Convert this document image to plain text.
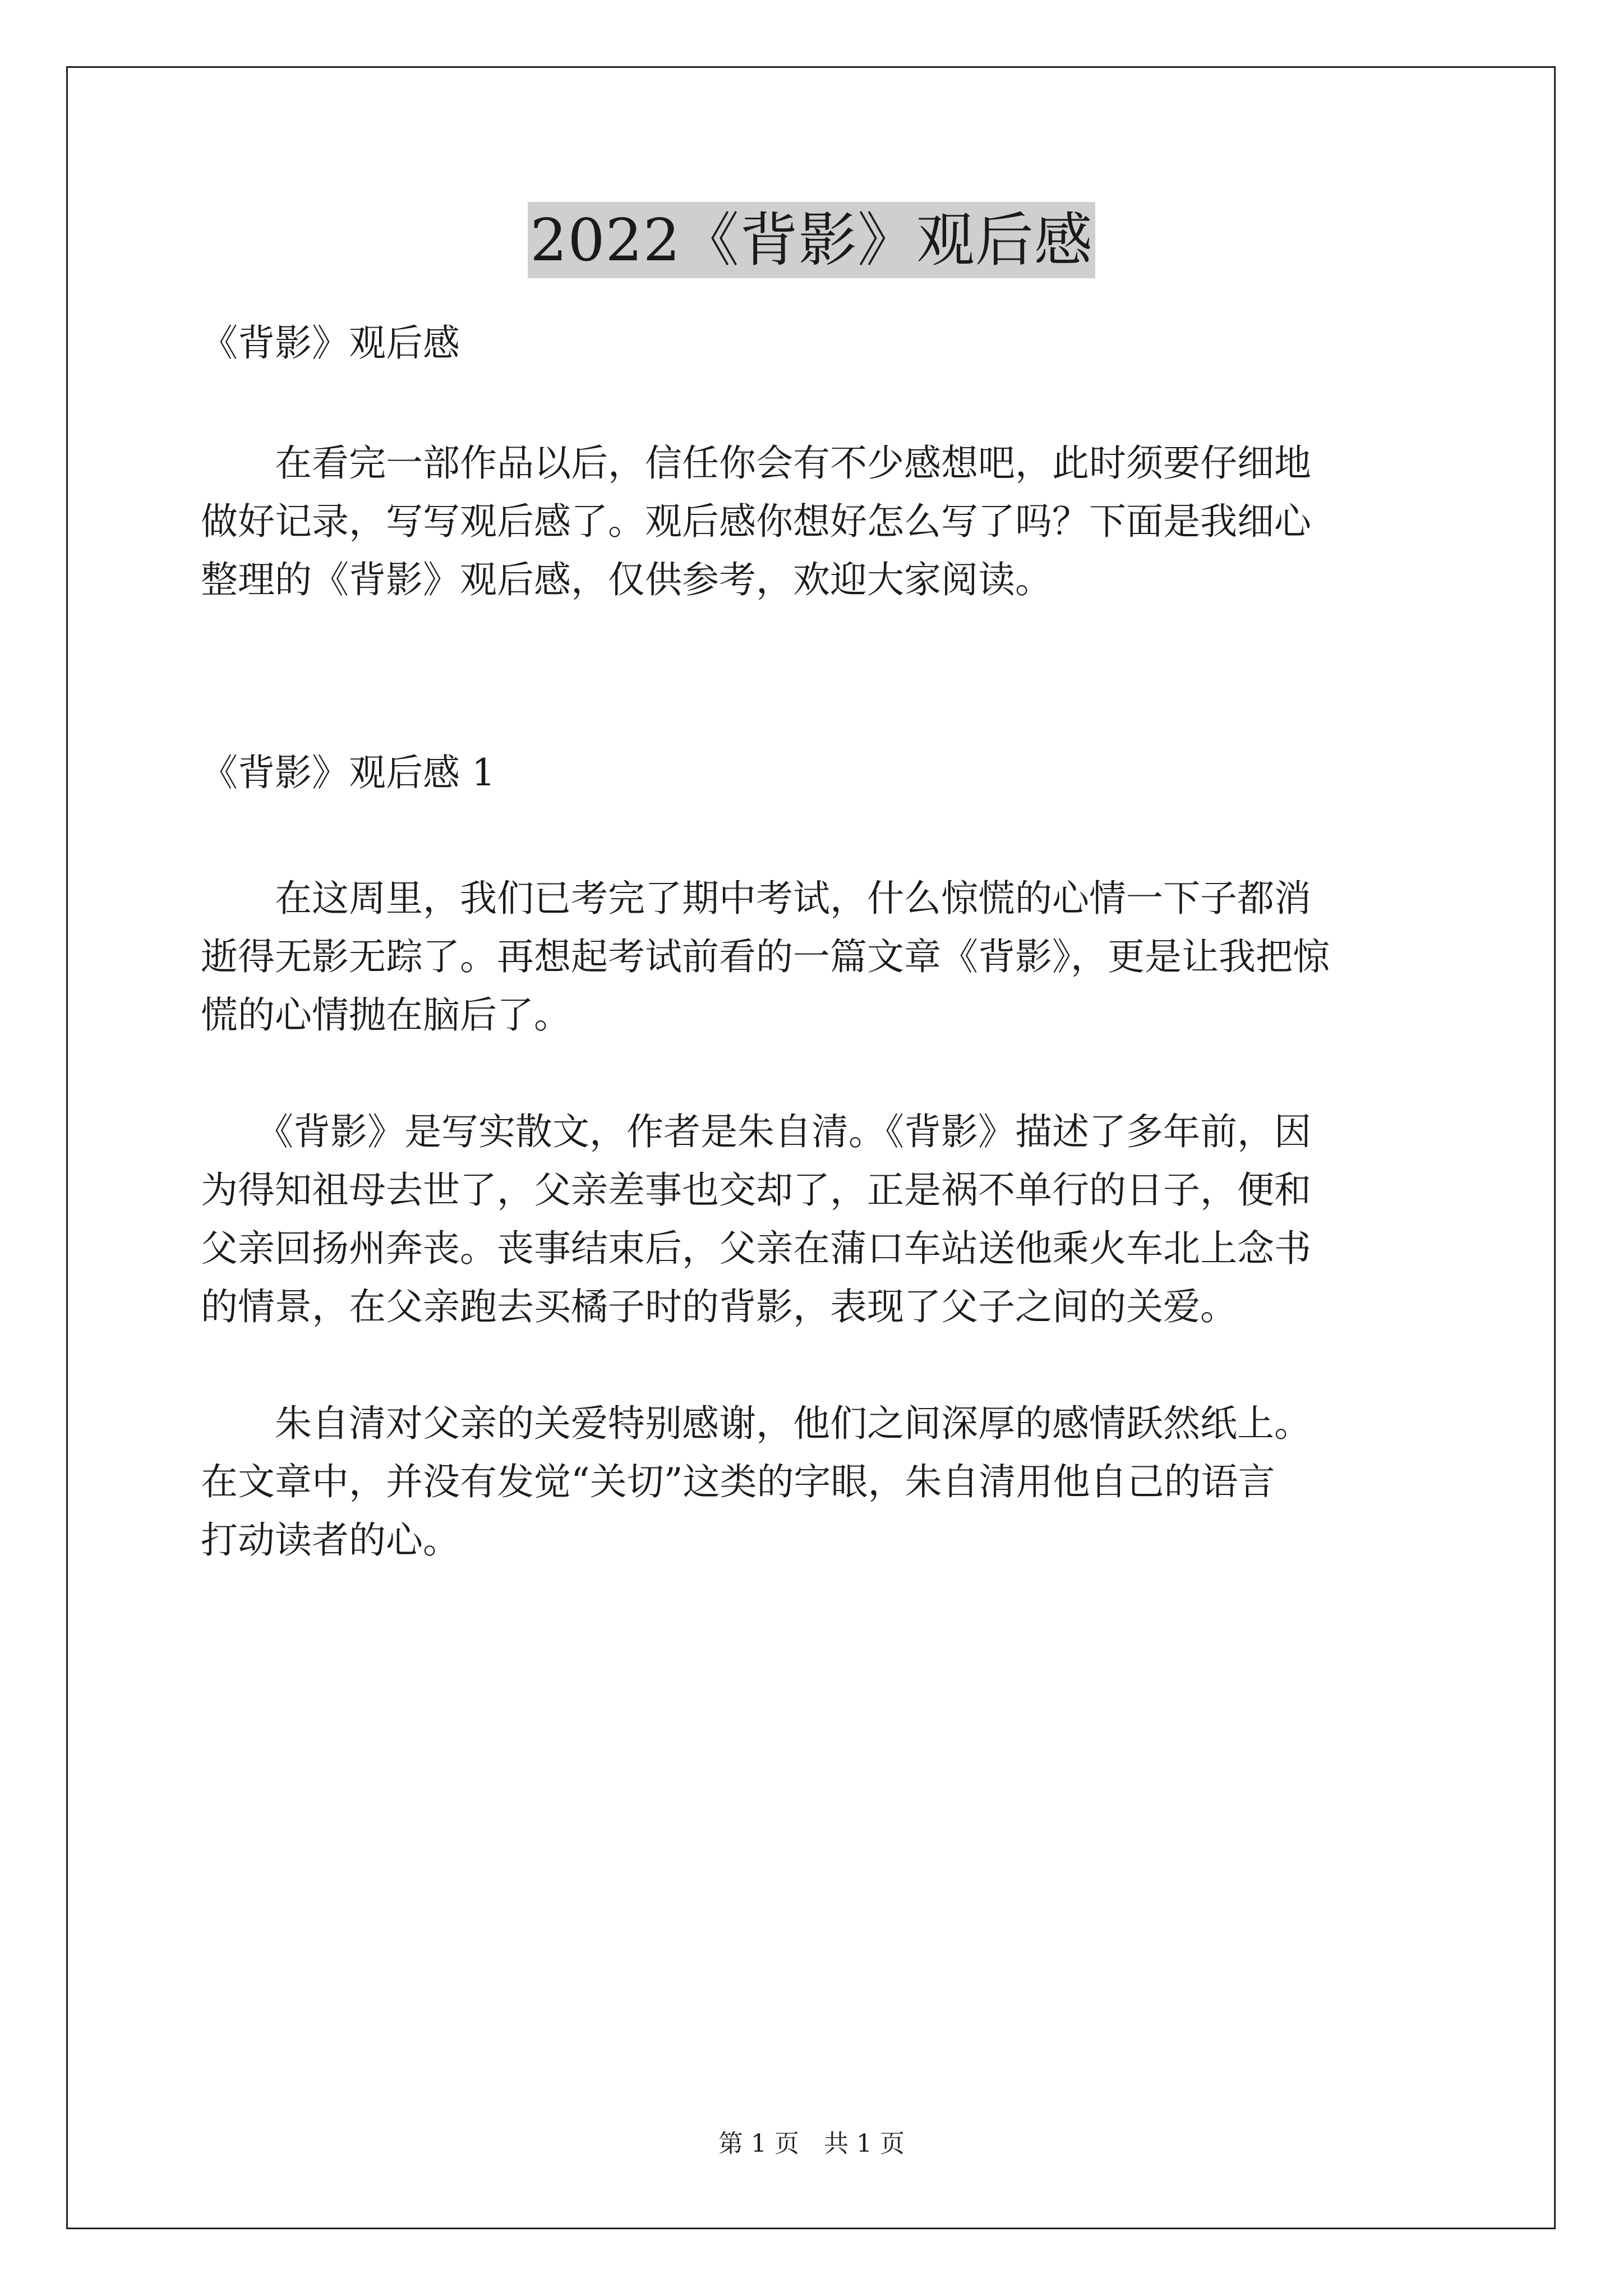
2022《背影》观后感
《背影》观后感
　　在看完一部作品以后，信任你会有不少感想吧，此时须要仔细地
做好记录，写写观后感了。观后感你想好怎么写了吗？下面是我细心
整理的《背影》观后感，仅供参考，欢迎大家阅读。
《背影》观后感 1
　　在这周里，我们已考完了期中考试，什么惊慌的心情一下子都消
逝得无影无踪了。再想起考试前看的一篇文章《背影》，更是让我把惊
慌的心情抛在脑后了。
　　《背影》是写实散文，作者是朱自清。《背影》描述了多年前，因
为得知祖母去世了，父亲差事也交却了，正是祸不单行的日子，便和
父亲回扬州奔丧。丧事结束后，父亲在蒲口车站送他乘火车北上念书
的情景，在父亲跑去买橘子时的背影，表现了父子之间的关爱。
　　朱自清对父亲的关爱特别感谢，他们之间深厚的感情跃然纸上。
在文章中，并没有发觉“关切”这类的字眼，朱自清用他自己的语言
打动读者的心。
第 1 页　共 1 页
